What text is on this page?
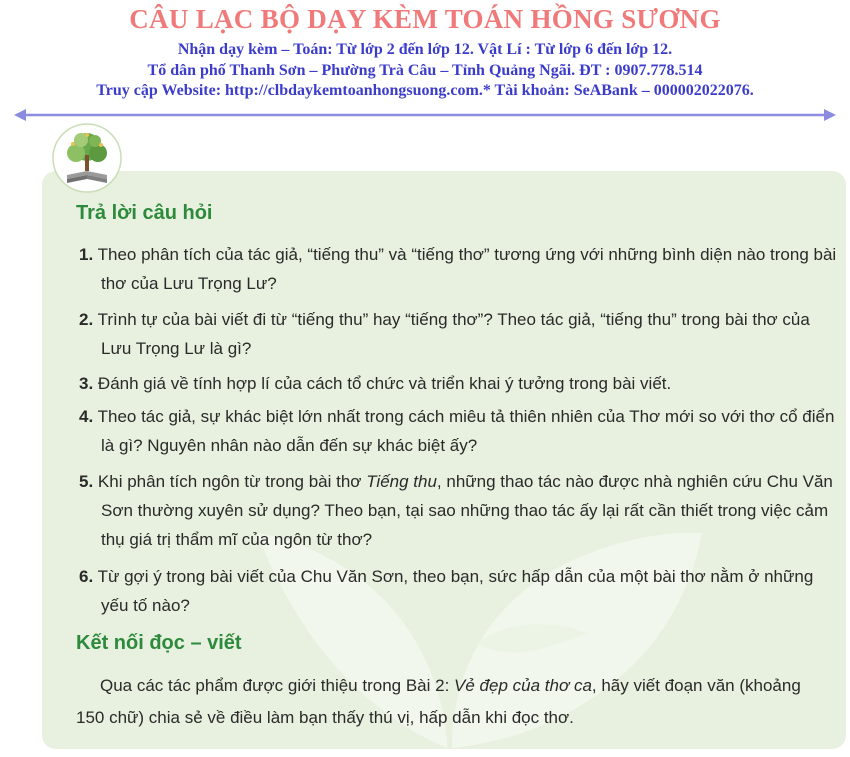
CÂU LẠC BỘ DẠY KÈM TOÁN HỒNG SƯƠNG
Nhận dạy kèm – Toán: Từ lớp 2 đến lớp 12. Vật Lí : Từ lớp 6 đến lớp 12.
Tổ dân phố Thanh Sơn – Phường Trà Câu – Tỉnh Quảng Ngãi. ĐT : 0907.778.514
Truy cập Website: http://clbdaykemtoanhongsuong.com.* Tài khoản: SeABank – 000002022076.
Trả lời câu hỏi
1. Theo phân tích của tác giả, “tiếng thu” và “tiếng thơ” tương ứng với những bình diện nào trong bài thơ của Lưu Trọng Lư?
2. Trình tự của bài viết đi từ “tiếng thu” hay “tiếng thơ”? Theo tác giả, “tiếng thu” trong bài thơ của Lưu Trọng Lư là gì?
3. Đánh giá về tính hợp lí của cách tổ chức và triển khai ý tưởng trong bài viết.
4. Theo tác giả, sự khác biệt lớn nhất trong cách miêu tả thiên nhiên của Thơ mới so với thơ cổ điển là gì? Nguyên nhân nào dẫn đến sự khác biệt ấy?
5. Khi phân tích ngôn từ trong bài thơ Tiếng thu, những thao tác nào được nhà nghiên cứu Chu Văn Sơn thường xuyên sử dụng? Theo bạn, tại sao những thao tác ấy lại rất cần thiết trong việc cảm thụ giá trị thẩm mĩ của ngôn từ thơ?
6. Từ gợi ý trong bài viết của Chu Văn Sơn, theo bạn, sức hấp dẫn của một bài thơ nằm ở những yếu tố nào?
Kết nối đọc – viết
Qua các tác phẩm được giới thiệu trong Bài 2: Vẻ đẹp của thơ ca, hãy viết đoạn văn (khoảng 150 chữ) chia sẻ về điều làm bạn thấy thú vị, hấp dẫn khi đọc thơ.
